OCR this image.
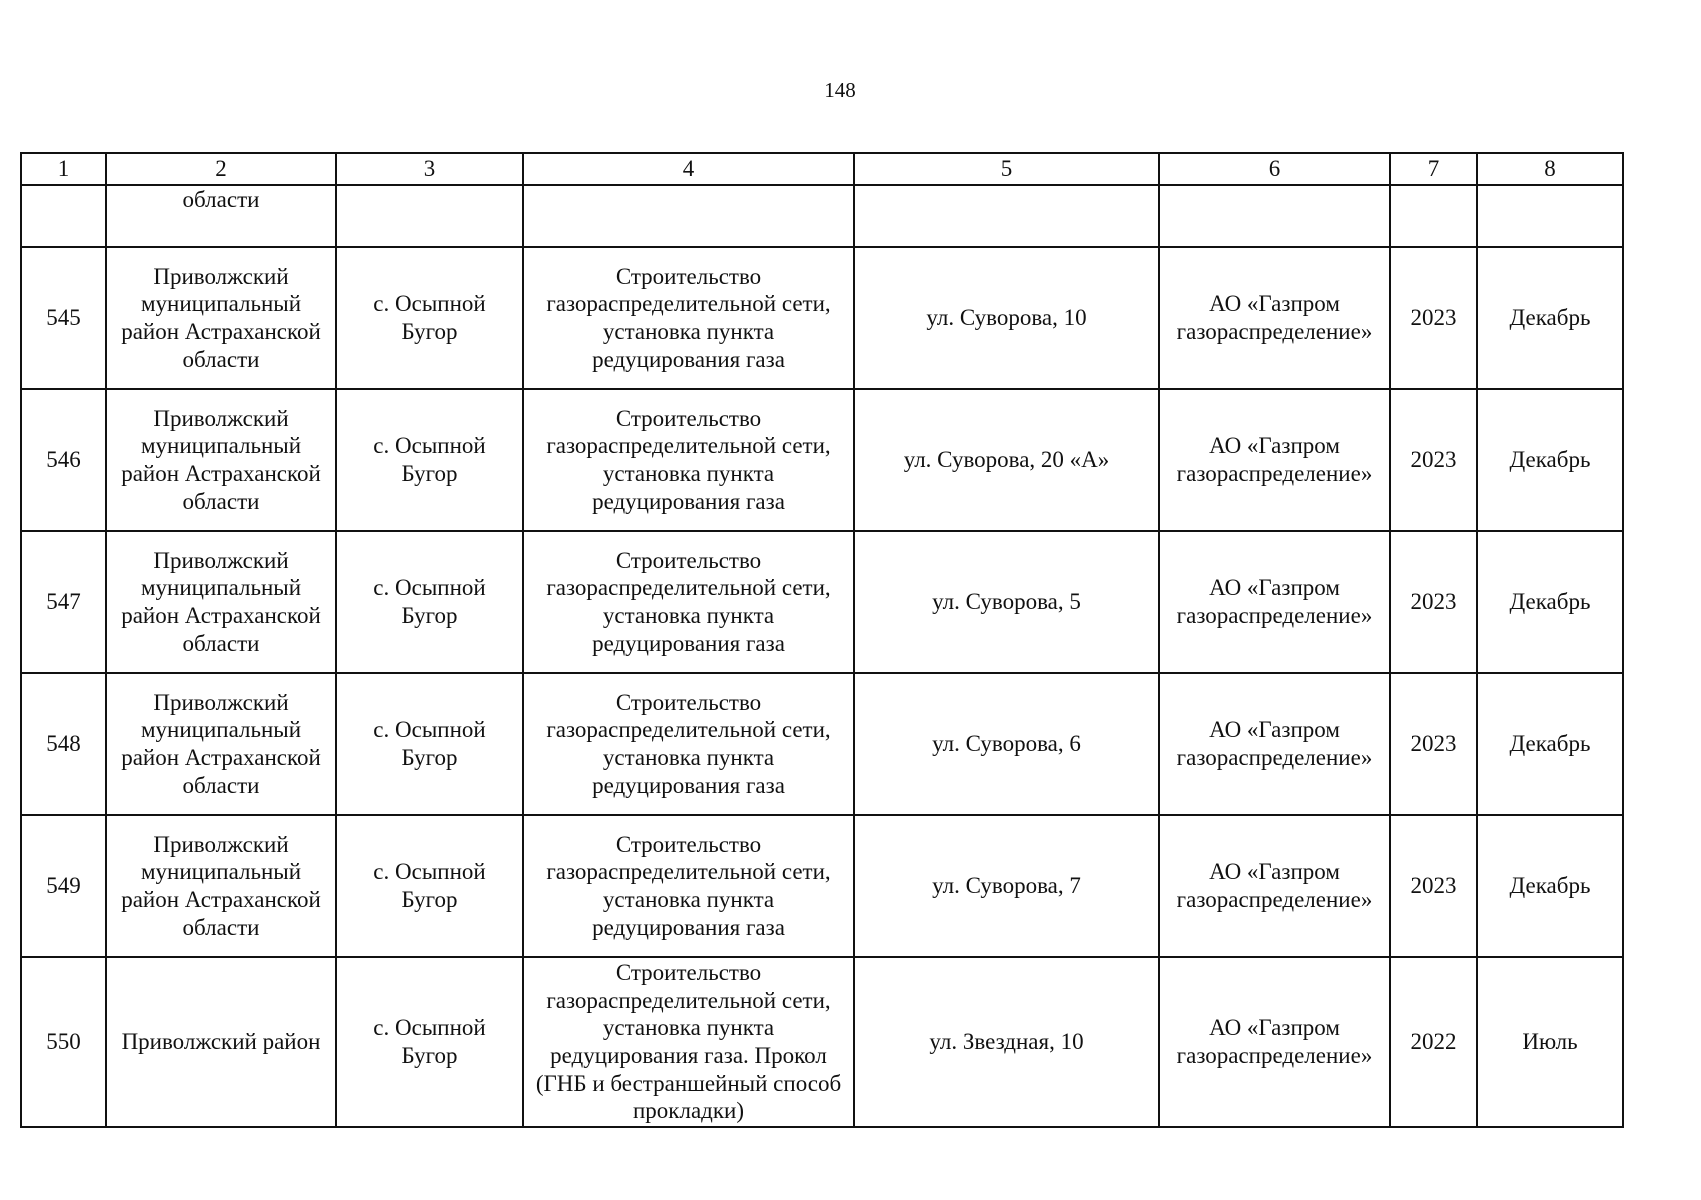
148
1	2	3	4	5	6	7	8
	области						
545	Приволжский муниципальный район Астраханской области	с. Осыпной Бугор	Строительство газораспределительной сети, установка пункта редуцирования газа	ул. Суворова, 10	АО «Газпром газораспределение»	2023	Декабрь
546	Приволжский муниципальный район Астраханской области	с. Осыпной Бугор	Строительство газораспределительной сети, установка пункта редуцирования газа	ул. Суворова, 20 «А»	АО «Газпром газораспределение»	2023	Декабрь
547	Приволжский муниципальный район Астраханской области	с. Осыпной Бугор	Строительство газораспределительной сети, установка пункта редуцирования газа	ул. Суворова, 5	АО «Газпром газораспределение»	2023	Декабрь
548	Приволжский муниципальный район Астраханской области	с. Осыпной Бугор	Строительство газораспределительной сети, установка пункта редуцирования газа	ул. Суворова, 6	АО «Газпром газораспределение»	2023	Декабрь
549	Приволжский муниципальный район Астраханской области	с. Осыпной Бугор	Строительство газораспределительной сети, установка пункта редуцирования газа	ул. Суворова, 7	АО «Газпром газораспределение»	2023	Декабрь
550	Приволжский район	с. Осыпной Бугор	Строительство газораспределительной сети, установка пункта редуцирования газа. Прокол (ГНБ и бестраншейный способ прокладки)	ул. Звездная, 10	АО «Газпром газораспределение»	2022	Июль
